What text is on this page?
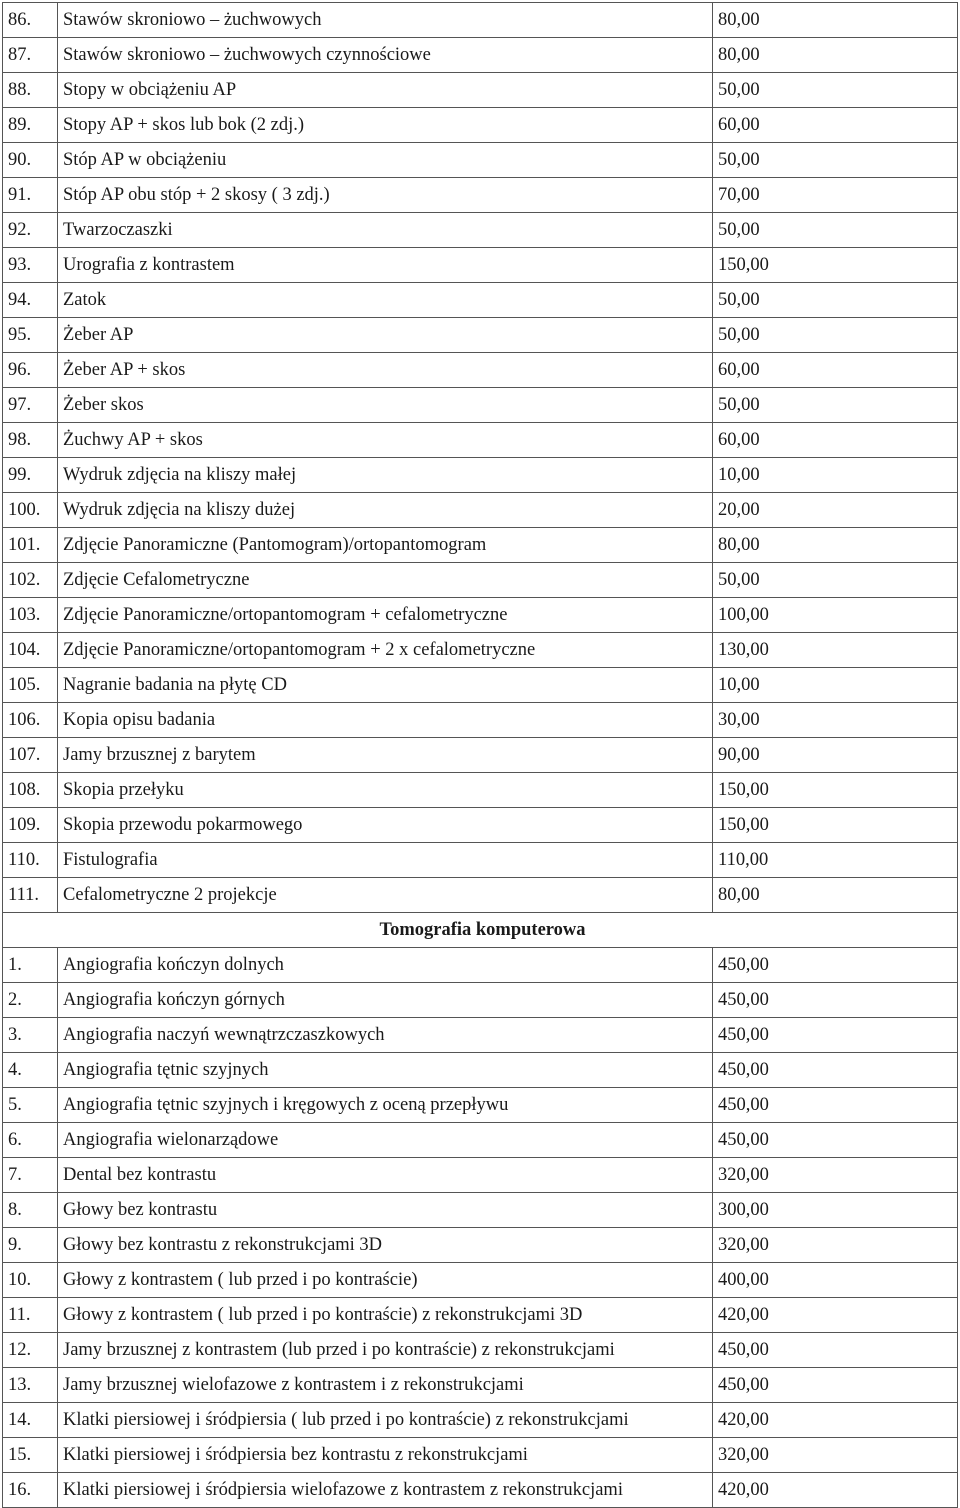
86.	Stawów skroniowo – żuchwowych	80,00
87.	Stawów skroniowo – żuchwowych czynnościowe	80,00
88.	Stopy w obciążeniu AP	50,00
89.	Stopy AP + skos lub bok (2 zdj.)	60,00
90.	Stóp AP w obciążeniu	50,00
91.	Stóp AP obu stóp + 2 skosy ( 3 zdj.)	70,00
92.	Twarzoczaszki	50,00
93.	Urografia z kontrastem	150,00
94.	Zatok	50,00
95.	Żeber AP	50,00
96.	Żeber AP + skos	60,00
97.	Żeber skos	50,00
98.	Żuchwy AP + skos	60,00
99.	Wydruk zdjęcia na kliszy małej	10,00
100.	Wydruk zdjęcia na kliszy dużej	20,00
101.	Zdjęcie Panoramiczne (Pantomogram)/ortopantomogram	80,00
102.	Zdjęcie Cefalometryczne	50,00
103.	Zdjęcie Panoramiczne/ortopantomogram + cefalometryczne	100,00
104.	Zdjęcie Panoramiczne/ortopantomogram + 2 x cefalometryczne	130,00
105.	Nagranie badania na płytę CD	10,00
106.	Kopia opisu badania	30,00
107.	Jamy brzusznej z barytem	90,00
108.	Skopia przełyku	150,00
109.	Skopia przewodu pokarmowego	150,00
110.	Fistulografia	110,00
111.	Cefalometryczne 2 projekcje	80,00
Tomografia komputerowa		
1.	Angiografia kończyn dolnych	450,00
2.	Angiografia kończyn górnych	450,00
3.	Angiografia naczyń wewnątrzczaszkowych	450,00
4.	Angiografia tętnic szyjnych	450,00
5.	Angiografia tętnic szyjnych i kręgowych z oceną przepływu	450,00
6.	Angiografia wielonarządowe	450,00
7.	Dental bez kontrastu	320,00
8.	Głowy bez kontrastu	300,00
9.	Głowy bez kontrastu z rekonstrukcjami 3D	320,00
10.	Głowy z kontrastem ( lub przed i po kontraście)	400,00
11.	Głowy z kontrastem ( lub przed i po kontraście) z rekonstrukcjami 3D	420,00
12.	Jamy brzusznej z kontrastem (lub przed i po kontraście) z rekonstrukcjami	450,00
13.	Jamy brzusznej wielofazowe z kontrastem i z rekonstrukcjami	450,00
14.	Klatki piersiowej i śródpiersia ( lub przed i po kontraście) z rekonstrukcjami	420,00
15.	Klatki piersiowej i śródpiersia bez kontrastu z rekonstrukcjami	320,00
16.	Klatki piersiowej i śródpiersia wielofazowe z kontrastem z rekonstrukcjami	420,00
